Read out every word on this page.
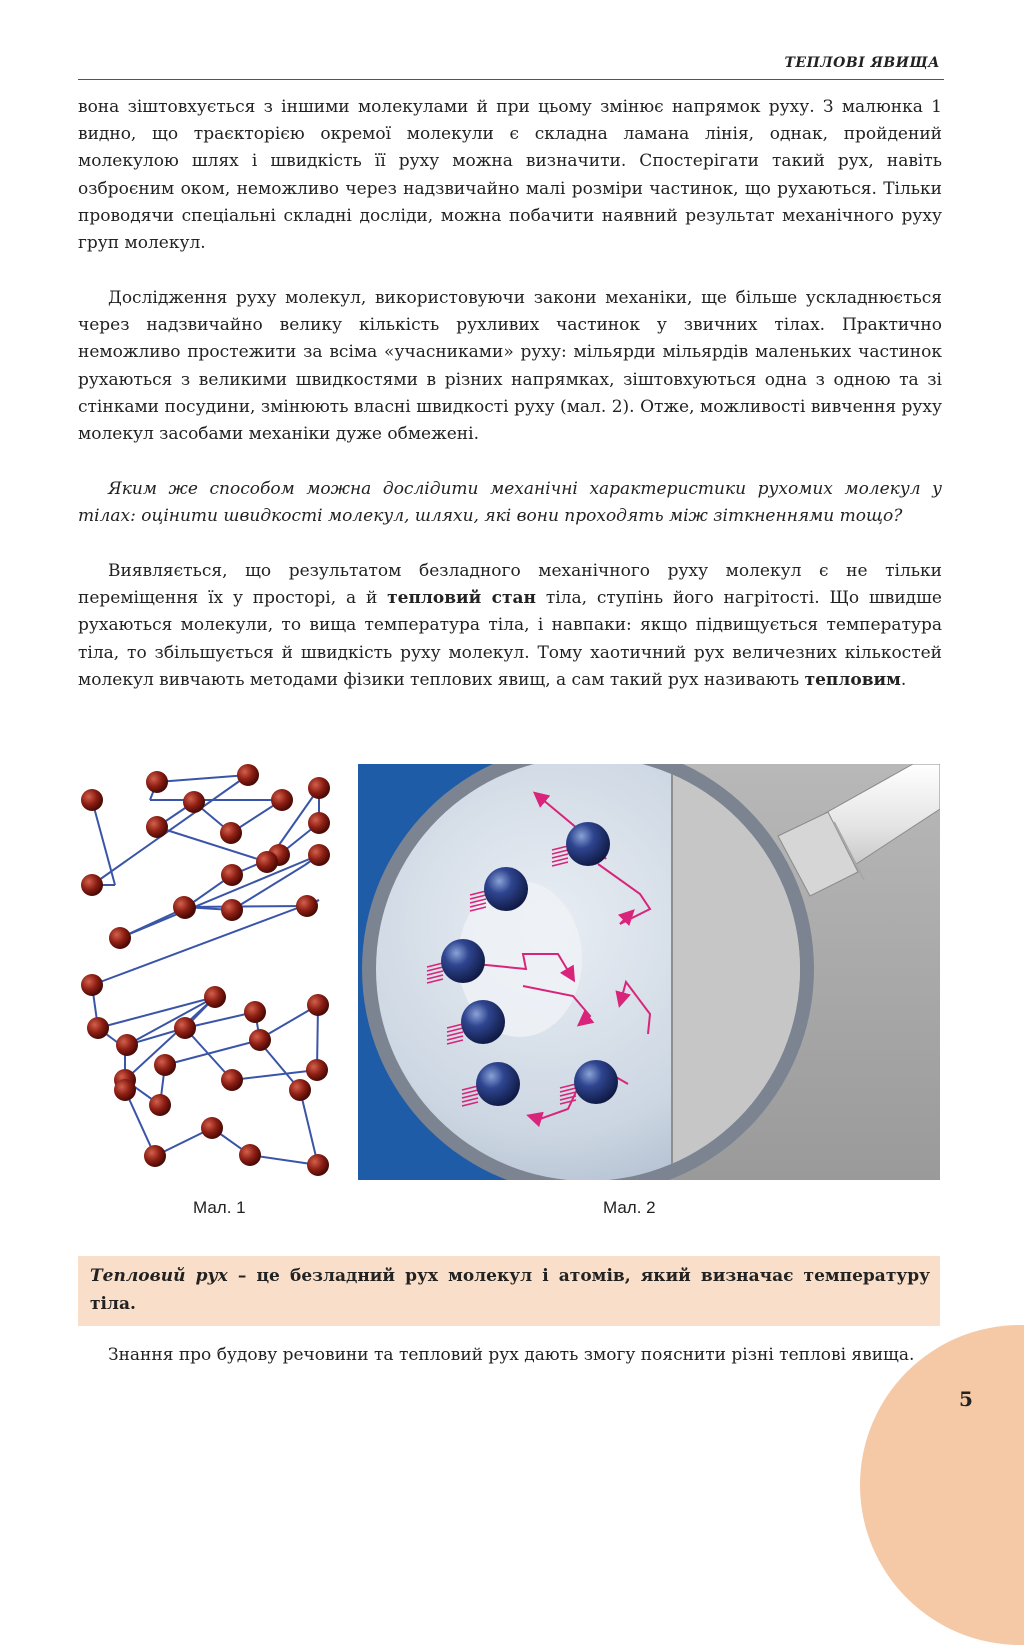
ТЕПЛОВІ ЯВИЩА

вона зіштовхується з іншими молекулами й при цьому змінює напрямок руху. З малюнка 1 видно, що траєкторією окремої молекули є складна ламана лінія, однак, пройдений молекулою шлях і швидкість її руху можна визначити. Спостерігати такий рух, навіть озброєним оком, неможливо через надзвичайно малі розміри частинок, що рухаються. Тільки проводячи спеціальні складні досліди, можна побачити наявний результат механічного руху груп молекул.

Дослідження руху молекул, використовуючи закони механіки, ще більше ускладнюється через надзвичайно велику кількість рухливих частинок у звичних тілах. Практично неможливо простежити за всіма «учасниками» руху: мільярди мільярдів маленьких частинок рухаються з великими швидкостями в різних напрямках, зіштовхуються одна з одною та зі стінками посудини, змінюють власні швидкості руху (мал. 2). Отже, можливості вивчення руху молекул засобами механіки дуже обмежені.

Яким же способом можна дослідити механічні характеристики рухомих молекул у тілах: оцінити швидкості молекул, шляхи, які вони проходять між зіткненнями тощо?

Виявляється, що результатом безладного механічного руху молекул є не тільки переміщення їх у просторі, а й тепловий стан тіла, ступінь його нагрітості. Що швидше рухаються молекули, то вища температура тіла, і навпаки: якщо підвищується температура тіла, то збільшується й швидкість руху молекул. Тому хаотичний рух величезних кількостей молекул вивчають методами фізики теплових явищ, а сам такий рух називають тепловим.

Мал. 1	Мал. 2

Тепловий рух – це безладний рух молекул і атомів, який визначає температуру тіла.

Знання про будову речовини та тепловий рух дають змогу пояснити різні теплові явища.

5
